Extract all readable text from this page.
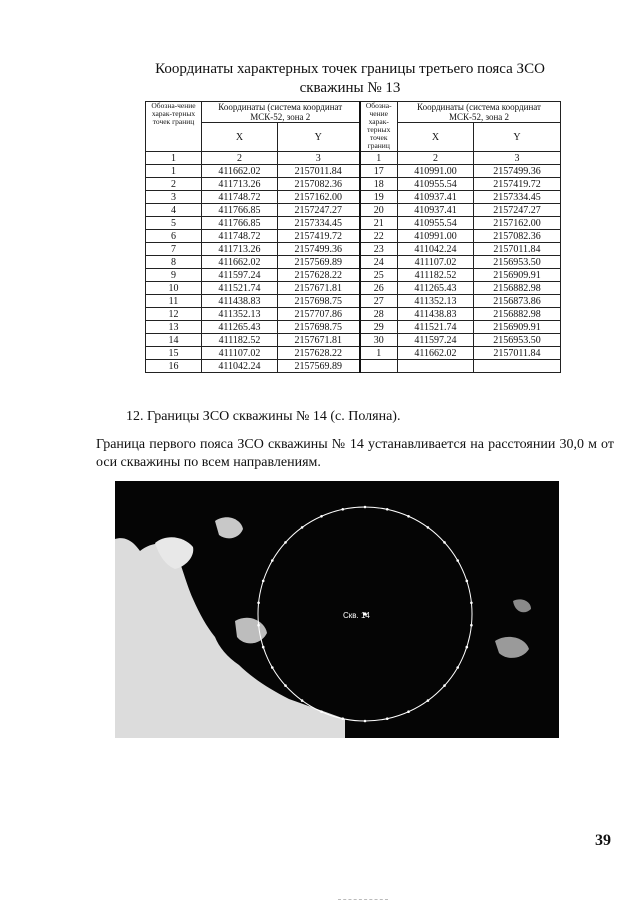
Координаты характерных точек границы третьего пояса ЗСО
скважины № 13
Обозна-чение харак-терных точек границ	Координаты (система координат МСК-52, зона 2		Обозна-чение харак-терных точек границ	Координаты (система координат МСК-52, зона 2	
	X	Y		X	Y
1	2	3	1	2	3
1	411662.02	2157011.84	17	410991.00	2157499.36
2	411713.26	2157082.36	18	410955.54	2157419.72
3	411748.72	2157162.00	19	410937.41	2157334.45
4	411766.85	2157247.27	20	410937.41	2157247.27
5	411766.85	2157334.45	21	410955.54	2157162.00
6	411748.72	2157419.72	22	410991.00	2157082.36
7	411713.26	2157499.36	23	411042.24	2157011.84
8	411662.02	2157569.89	24	411107.02	2156953.50
9	411597.24	2157628.22	25	411182.52	2156909.91
10	411521.74	2157671.81	26	411265.43	2156882.98
11	411438.83	2157698.75	27	411352.13	2156873.86
12	411352.13	2157707.86	28	411438.83	2156882.98
13	411265.43	2157698.75	29	411521.74	2156909.91
14	411182.52	2157671.81	30	411597.24	2156953.50
15	411107.02	2157628.22	1	411662.02	2157011.84
16	411042.24	2157569.89			
12. Границы ЗСО скважины № 14 (с. Поляна).
Граница первого пояса ЗСО скважины № 14 устанавливается на расстоянии 30,0 м от оси скважины по всем направлениям.
Скв. 14
39
